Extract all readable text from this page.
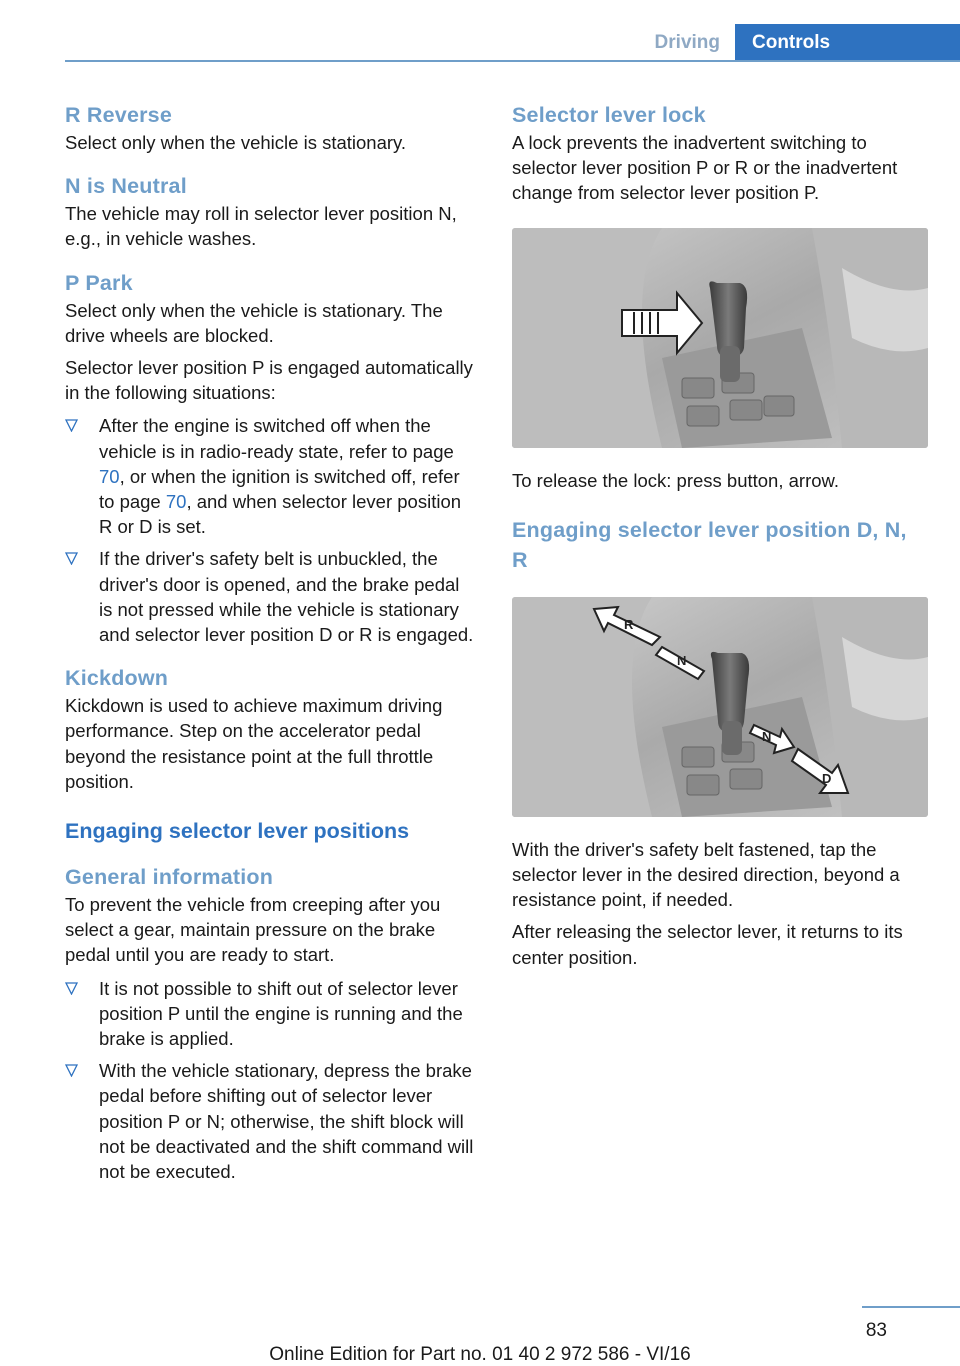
Driving	Controls
R Reverse

Select only when the vehicle is stationary.

N is Neutral

The vehicle may roll in selector lever position N, e.g., in vehicle washes.

P Park

Select only when the vehicle is stationary. The drive wheels are blocked.

Selector lever position P is engaged automatically in the following situations:

After the engine is switched off when the vehicle is in radio-ready state, refer to page 70, or when the ignition is switched off, refer to page 70, and when selector lever position R or D is set.
If the driver's safety belt is unbuckled, the driver's door is opened, and the brake pedal is not pressed while the vehicle is stationary and selector lever position D or R is engaged.
Kickdown

Kickdown is used to achieve maximum driving performance. Step on the accelerator pedal beyond the resistance point at the full throttle position.

Engaging selector lever positions
General information

To prevent the vehicle from creeping after you select a gear, maintain pressure on the brake pedal until you are ready to start.

It is not possible to shift out of selector lever position P until the engine is running and the brake is applied.
With the vehicle stationary, depress the brake pedal before shifting out of selector lever position P or N; otherwise, the shift block will not be deactivated and the shift command will not be executed.
Selector lever lock

A lock prevents the inadvertent switching to selector lever position P or R or the inadvertent change from selector lever position P.

To release the lock: press button, arrow.

Engaging selector lever position D, N, R
R
N
N
D

With the driver's safety belt fastened, tap the selector lever in the desired direction, beyond a resistance point, if needed.

After releasing the selector lever, it returns to its center position.

83
Online Edition for Part no. 01 40 2 972 586 - VI/16
